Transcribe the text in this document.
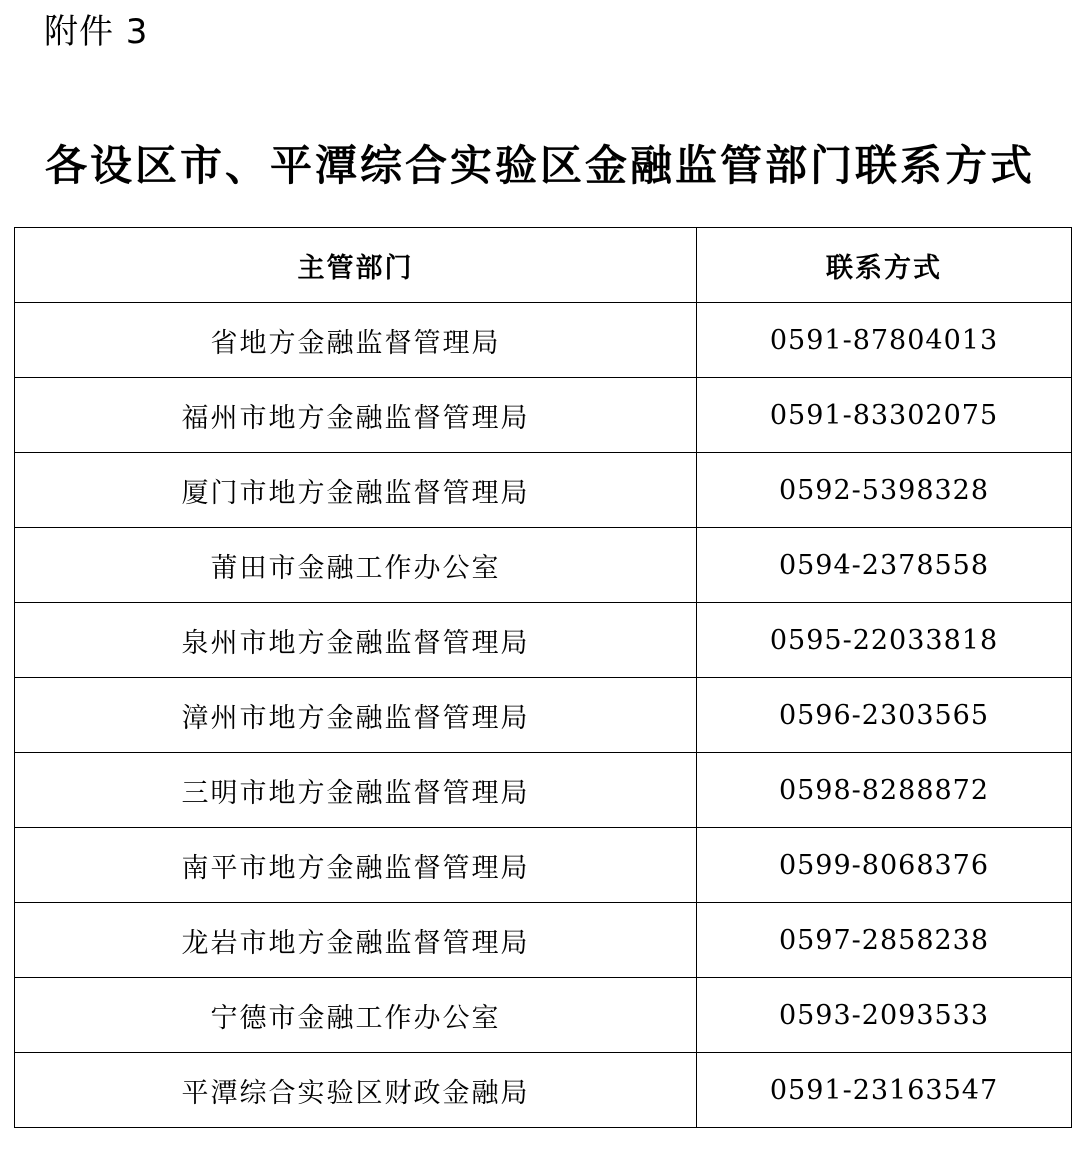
附件 3
各设区市、平潭综合实验区金融监管部门联系方式
主管部门	联系方式
省地方金融监督管理局	0591-87804013
福州市地方金融监督管理局	0591-83302075
厦门市地方金融监督管理局	0592-5398328
莆田市金融工作办公室	0594-2378558
泉州市地方金融监督管理局	0595-22033818
漳州市地方金融监督管理局	0596-2303565
三明市地方金融监督管理局	0598-8288872
南平市地方金融监督管理局	0599-8068376
龙岩市地方金融监督管理局	0597-2858238
宁德市金融工作办公室	0593-2093533
平潭综合实验区财政金融局	0591-23163547
